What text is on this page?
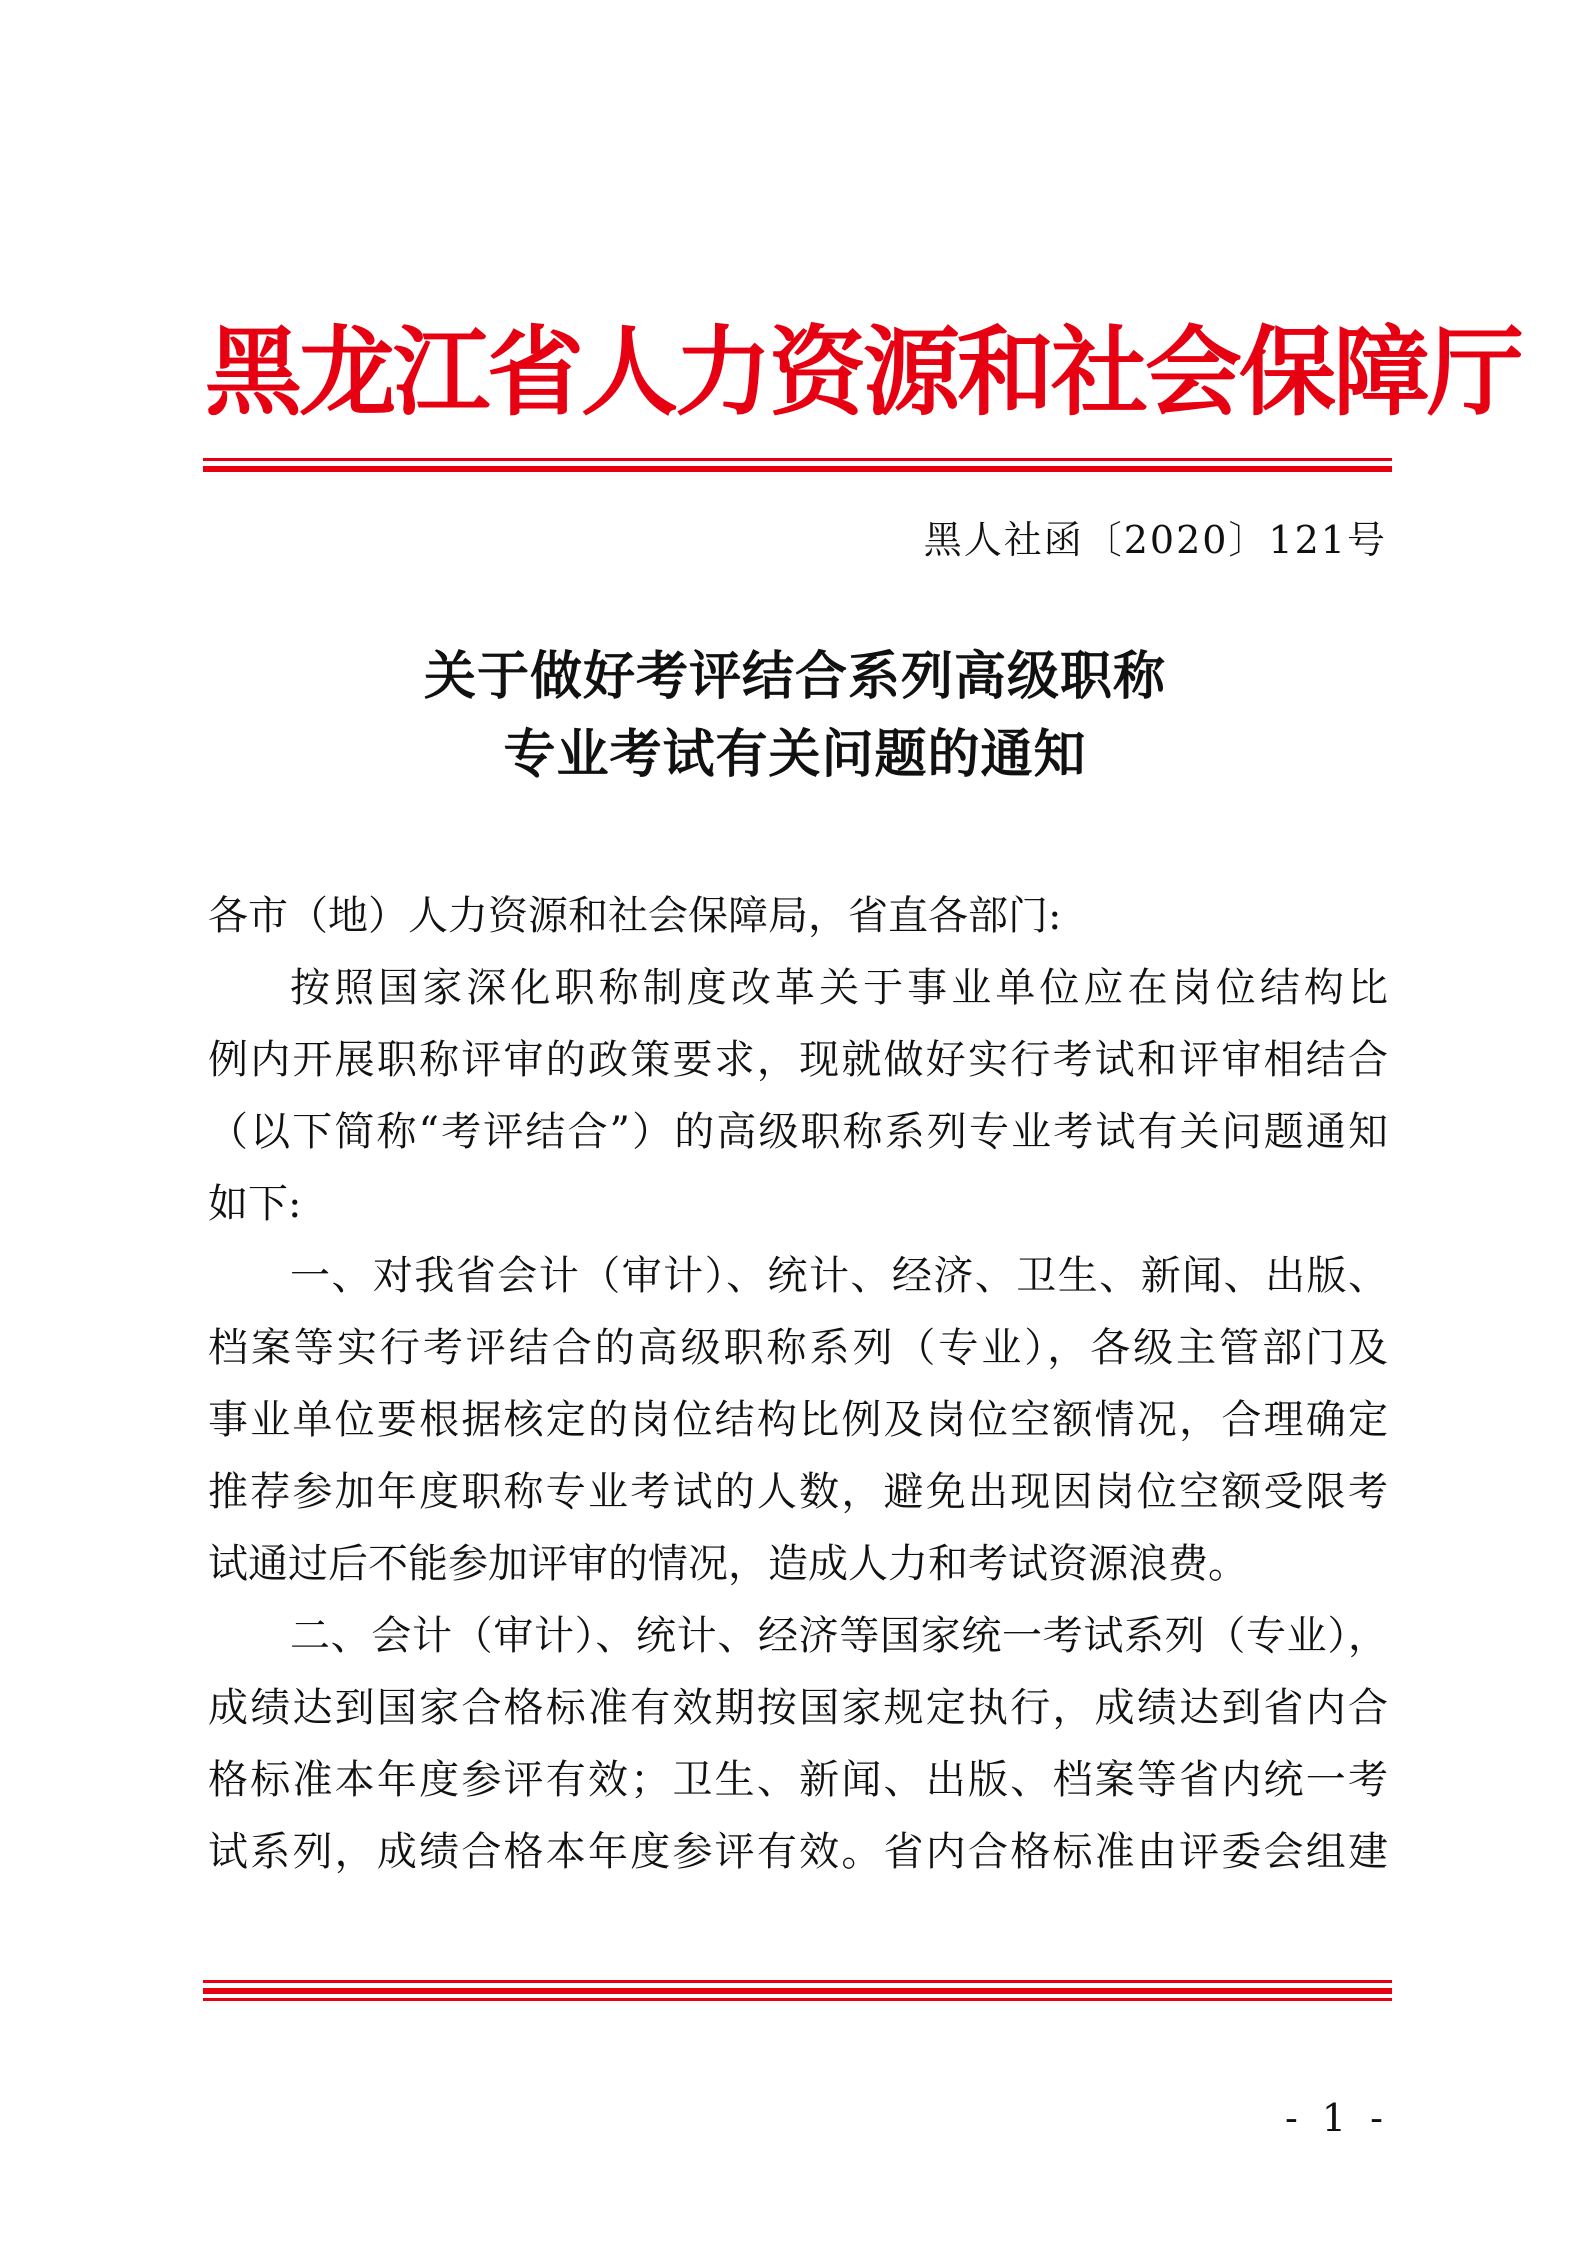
黑龙江省人力资源和社会保障厅
黑人社函〔2020〕121号
关于做好考评结合系列高级职称
专业考试有关问题的通知
各市（地）人力资源和社会保障局，省直各部门:
按照国家深化职称制度改革关于事业单位应在岗位结构比
例内开展职称评审的政策要求，现就做好实行考试和评审相结合
（以下简称“考评结合”）的高级职称系列专业考试有关问题通知
如下:
一、对我省会计（审计）、统计、经济、卫生、新闻、出版、
档案等实行考评结合的高级职称系列（专业），各级主管部门及
事业单位要根据核定的岗位结构比例及岗位空额情况，合理确定
推荐参加年度职称专业考试的人数，避免出现因岗位空额受限考
试通过后不能参加评审的情况，造成人力和考试资源浪费。
二、会计（审计）、统计、经济等国家统一考试系列（专业），
成绩达到国家合格标准有效期按国家规定执行，成绩达到省内合
格标准本年度参评有效；卫生、新闻、出版、档案等省内统一考
试系列，成绩合格本年度参评有效。省内合格标准由评委会组建
- 1 -
